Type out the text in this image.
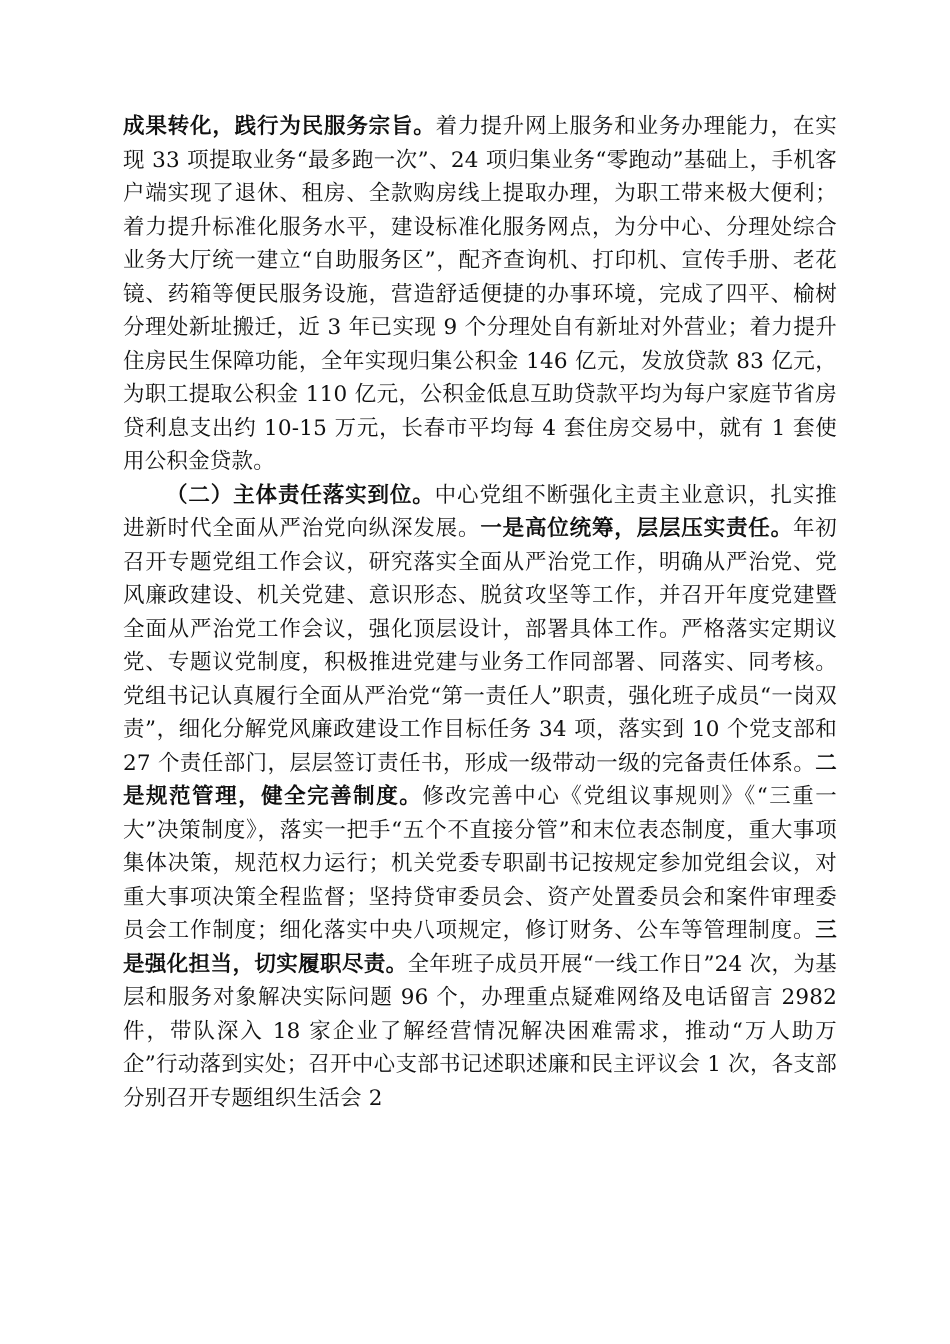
成果转化，践行为民服务宗旨。着力提升网上服务和业务办理能力，在实现 33 项提取业务“最多跑一次”、24 项归集业务“零跑动”基础上，手机客户端实现了退休、租房、全款购房线上提取办理，为职工带来极大便利；着力提升标准化服务水平，建设标准化服务网点，为分中心、分理处综合业务大厅统一建立“自助服务区”，配齐查询机、打印机、宣传手册、老花镜、药箱等便民服务设施，营造舒适便捷的办事环境，完成了四平、榆树分理处新址搬迁，近 3 年已实现 9 个分理处自有新址对外营业；着力提升住房民生保障功能，全年实现归集公积金 146 亿元，发放贷款 83 亿元，为职工提取公积金 110 亿元，公积金低息互助贷款平均为每户家庭节省房贷利息支出约 10-15 万元，长春市平均每 4 套住房交易中，就有 1 套使用公积金贷款。

（二）主体责任落实到位。中心党组不断强化主责主业意识，扎实推进新时代全面从严治党向纵深发展。一是高位统筹，层层压实责任。年初召开专题党组工作会议，研究落实全面从严治党工作，明确从严治党、党风廉政建设、机关党建、意识形态、脱贫攻坚等工作，并召开年度党建暨全面从严治党工作会议，强化顶层设计，部署具体工作。严格落实定期议党、专题议党制度，积极推进党建与业务工作同部署、同落实、同考核。党组书记认真履行全面从严治党“第一责任人”职责，强化班子成员“一岗双责”，细化分解党风廉政建设工作目标任务 34 项，落实到 10 个党支部和 27 个责任部门，层层签订责任书，形成一级带动一级的完备责任体系。二是规范管理，健全完善制度。修改完善中心《党组议事规则》《“三重一大”决策制度》，落实一把手“五个不直接分管”和末位表态制度，重大事项集体决策，规范权力运行；机关党委专职副书记按规定参加党组会议，对重大事项决策全程监督；坚持贷审委员会、资产处置委员会和案件审理委员会工作制度；细化落实中央八项规定，修订财务、公车等管理制度。三是强化担当，切实履职尽责。全年班子成员开展“一线工作日”24 次，为基层和服务对象解决实际问题 96 个，办理重点疑难网络及电话留言 2982 件，带队深入 18 家企业了解经营情况解决困难需求，推动“万人助万企”行动落到实处；召开中心支部书记述职述廉和民主评议会 1 次，各支部分别召开专题组织生活会 2
